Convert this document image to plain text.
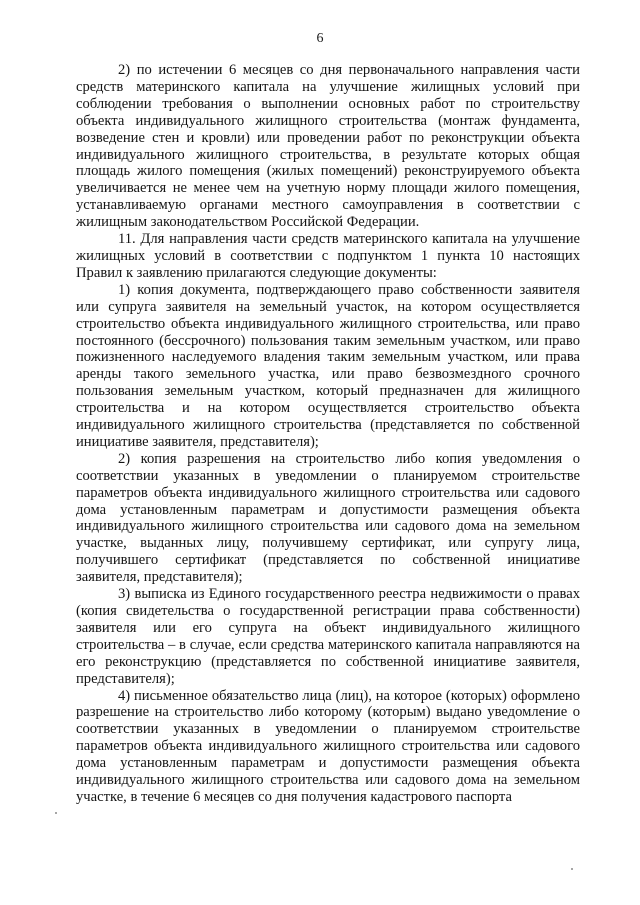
6

2) по истечении 6 месяцев со дня первоначального направления части средств материнского капитала на улучшение жилищных условий при соблюдении требования о выполнении основных работ по строительству объекта индивидуального жилищного строительства (монтаж фундамента, возведение стен и кровли) или проведении работ по реконструкции объекта индивидуального жилищного строительства, в результате которых общая площадь жилого помещения (жилых помещений) реконструируемого объекта увеличивается не менее чем на учетную норму площади жилого помещения, устанавливаемую органами местного самоуправления в соответствии с жилищным законодательством Российской Федерации.

11. Для направления части средств материнского капитала на улучшение жилищных условий в соответствии с подпунктом 1 пункта 10 настоящих Правил к заявлению прилагаются следующие документы:

1) копия документа, подтверждающего право собственности заявителя или супруга заявителя на земельный участок, на котором осуществляется строительство объекта индивидуального жилищного строительства, или право постоянного (бессрочного) пользования таким земельным участком, или право пожизненного наследуемого владения таким земельным участком, или права аренды такого земельного участка, или право безвозмездного срочного пользования земельным участком, который предназначен для жилищного строительства и на котором осуществляется строительство объекта индивидуального жилищного строительства (представляется по собственной инициативе заявителя, представителя);

2) копия разрешения на строительство либо копия уведомления о соответствии указанных в уведомлении о планируемом строительстве параметров объекта индивидуального жилищного строительства или садового дома установленным параметрам и допустимости размещения объекта индивидуального жилищного строительства или садового дома на земельном участке, выданных лицу, получившему сертификат, или супругу лица, получившего сертификат (представляется по собственной инициативе заявителя, представителя);

3) выписка из Единого государственного реестра недвижимости о правах (копия свидетельства о государственной регистрации права собственности) заявителя или его супруга на объект индивидуального жилищного строительства – в случае, если средства материнского капитала направляются на его реконструкцию (представляется по собственной инициативе заявителя, представителя);

4) письменное обязательство лица (лиц), на которое (которых) оформлено разрешение на строительство либо которому (которым) выдано уведомление о соответствии указанных в уведомлении о планируемом строительстве параметров объекта индивидуального жилищного строительства или садового дома установленным параметрам и допустимости размещения объекта индивидуального жилищного строительства или садового дома на земельном участке, в течение 6 месяцев со дня получения кадастрового паспорта
